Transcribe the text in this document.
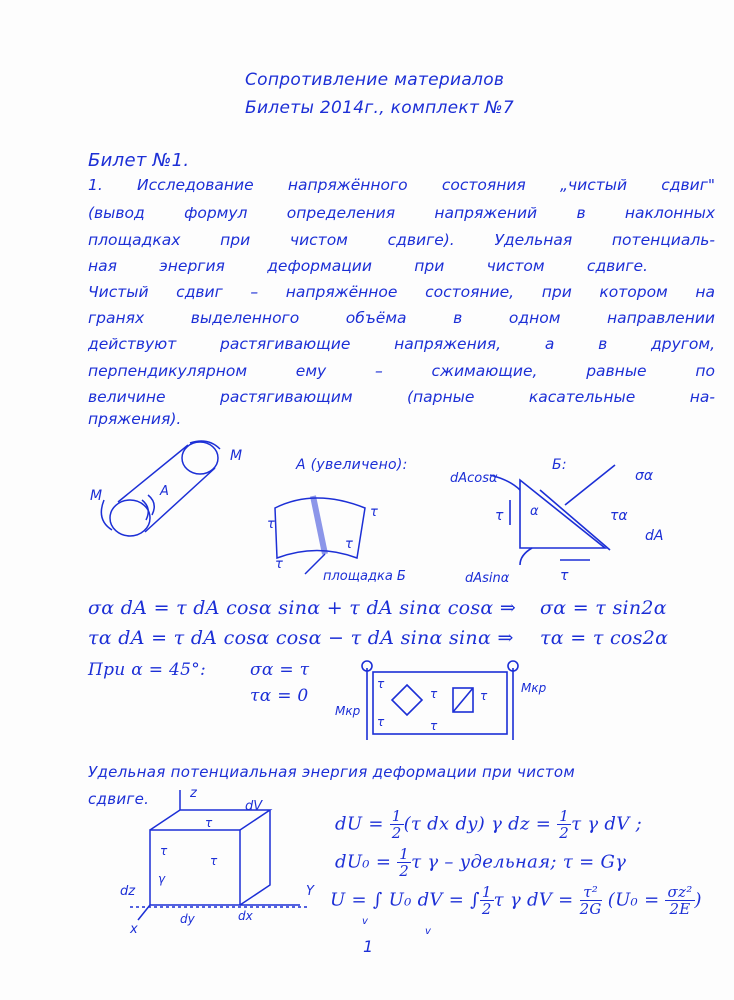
Сопротивление материалов
Билеты 2014г., комплект №7
Билет №1.
1. Исследование напряжённого состояния „чистый сдвиг"
(вывод формул определения напряжений в наклонных
площадках при чистом сдвиге). Удельная потенциаль-
ная энергия деформации при чистом сдвиге.
Чистый сдвиг – напряжённое состояние, при котором на
гранях выделенного объёма в одном направлении
действуют растягивающие напряжения, а в другом,
перпендикулярном ему – сжимающие, равные по
величине растягивающим (парные касательные на-
пряжения).
M
M	A
А (увеличено):
τ
τ
τ
τ
площадка Б
Б:
dAcosα	σα
τα
dA
dAsinα	τ
τ α
σα dA = τ dA cosα sinα + τ dA sinα cosα ⇒ σα = τ sin2α
τα dA = τ dA cosα cosα − τ dA sinα sinα ⇒ τα = τ cos2α
При α = 45°:	σα = τ
τα = 0
Mкр
Mкр
τ
τ
τ
τ
τ
Удельная потенциальная энергия деформации при чистом
сдвиге.	z
Y
x
dV
dz
dy	dx
τ
τ
τ
γ
dU = $\frac{1}{2} (\tau$ dx dy) γ dz = $\frac{1}{2}$ τ γ dV ;
$dU_0 = \frac{1}{2}$ τ γ – удельная; τ = Gγ
U = ∫ U₀ dV = ∫ $\frac{1}{2}$ τ γ dV = $\frac{\text{τ²}}{2G} (U_0 = \frac{\text{σz²}}{2E}$ )
v
v
1
